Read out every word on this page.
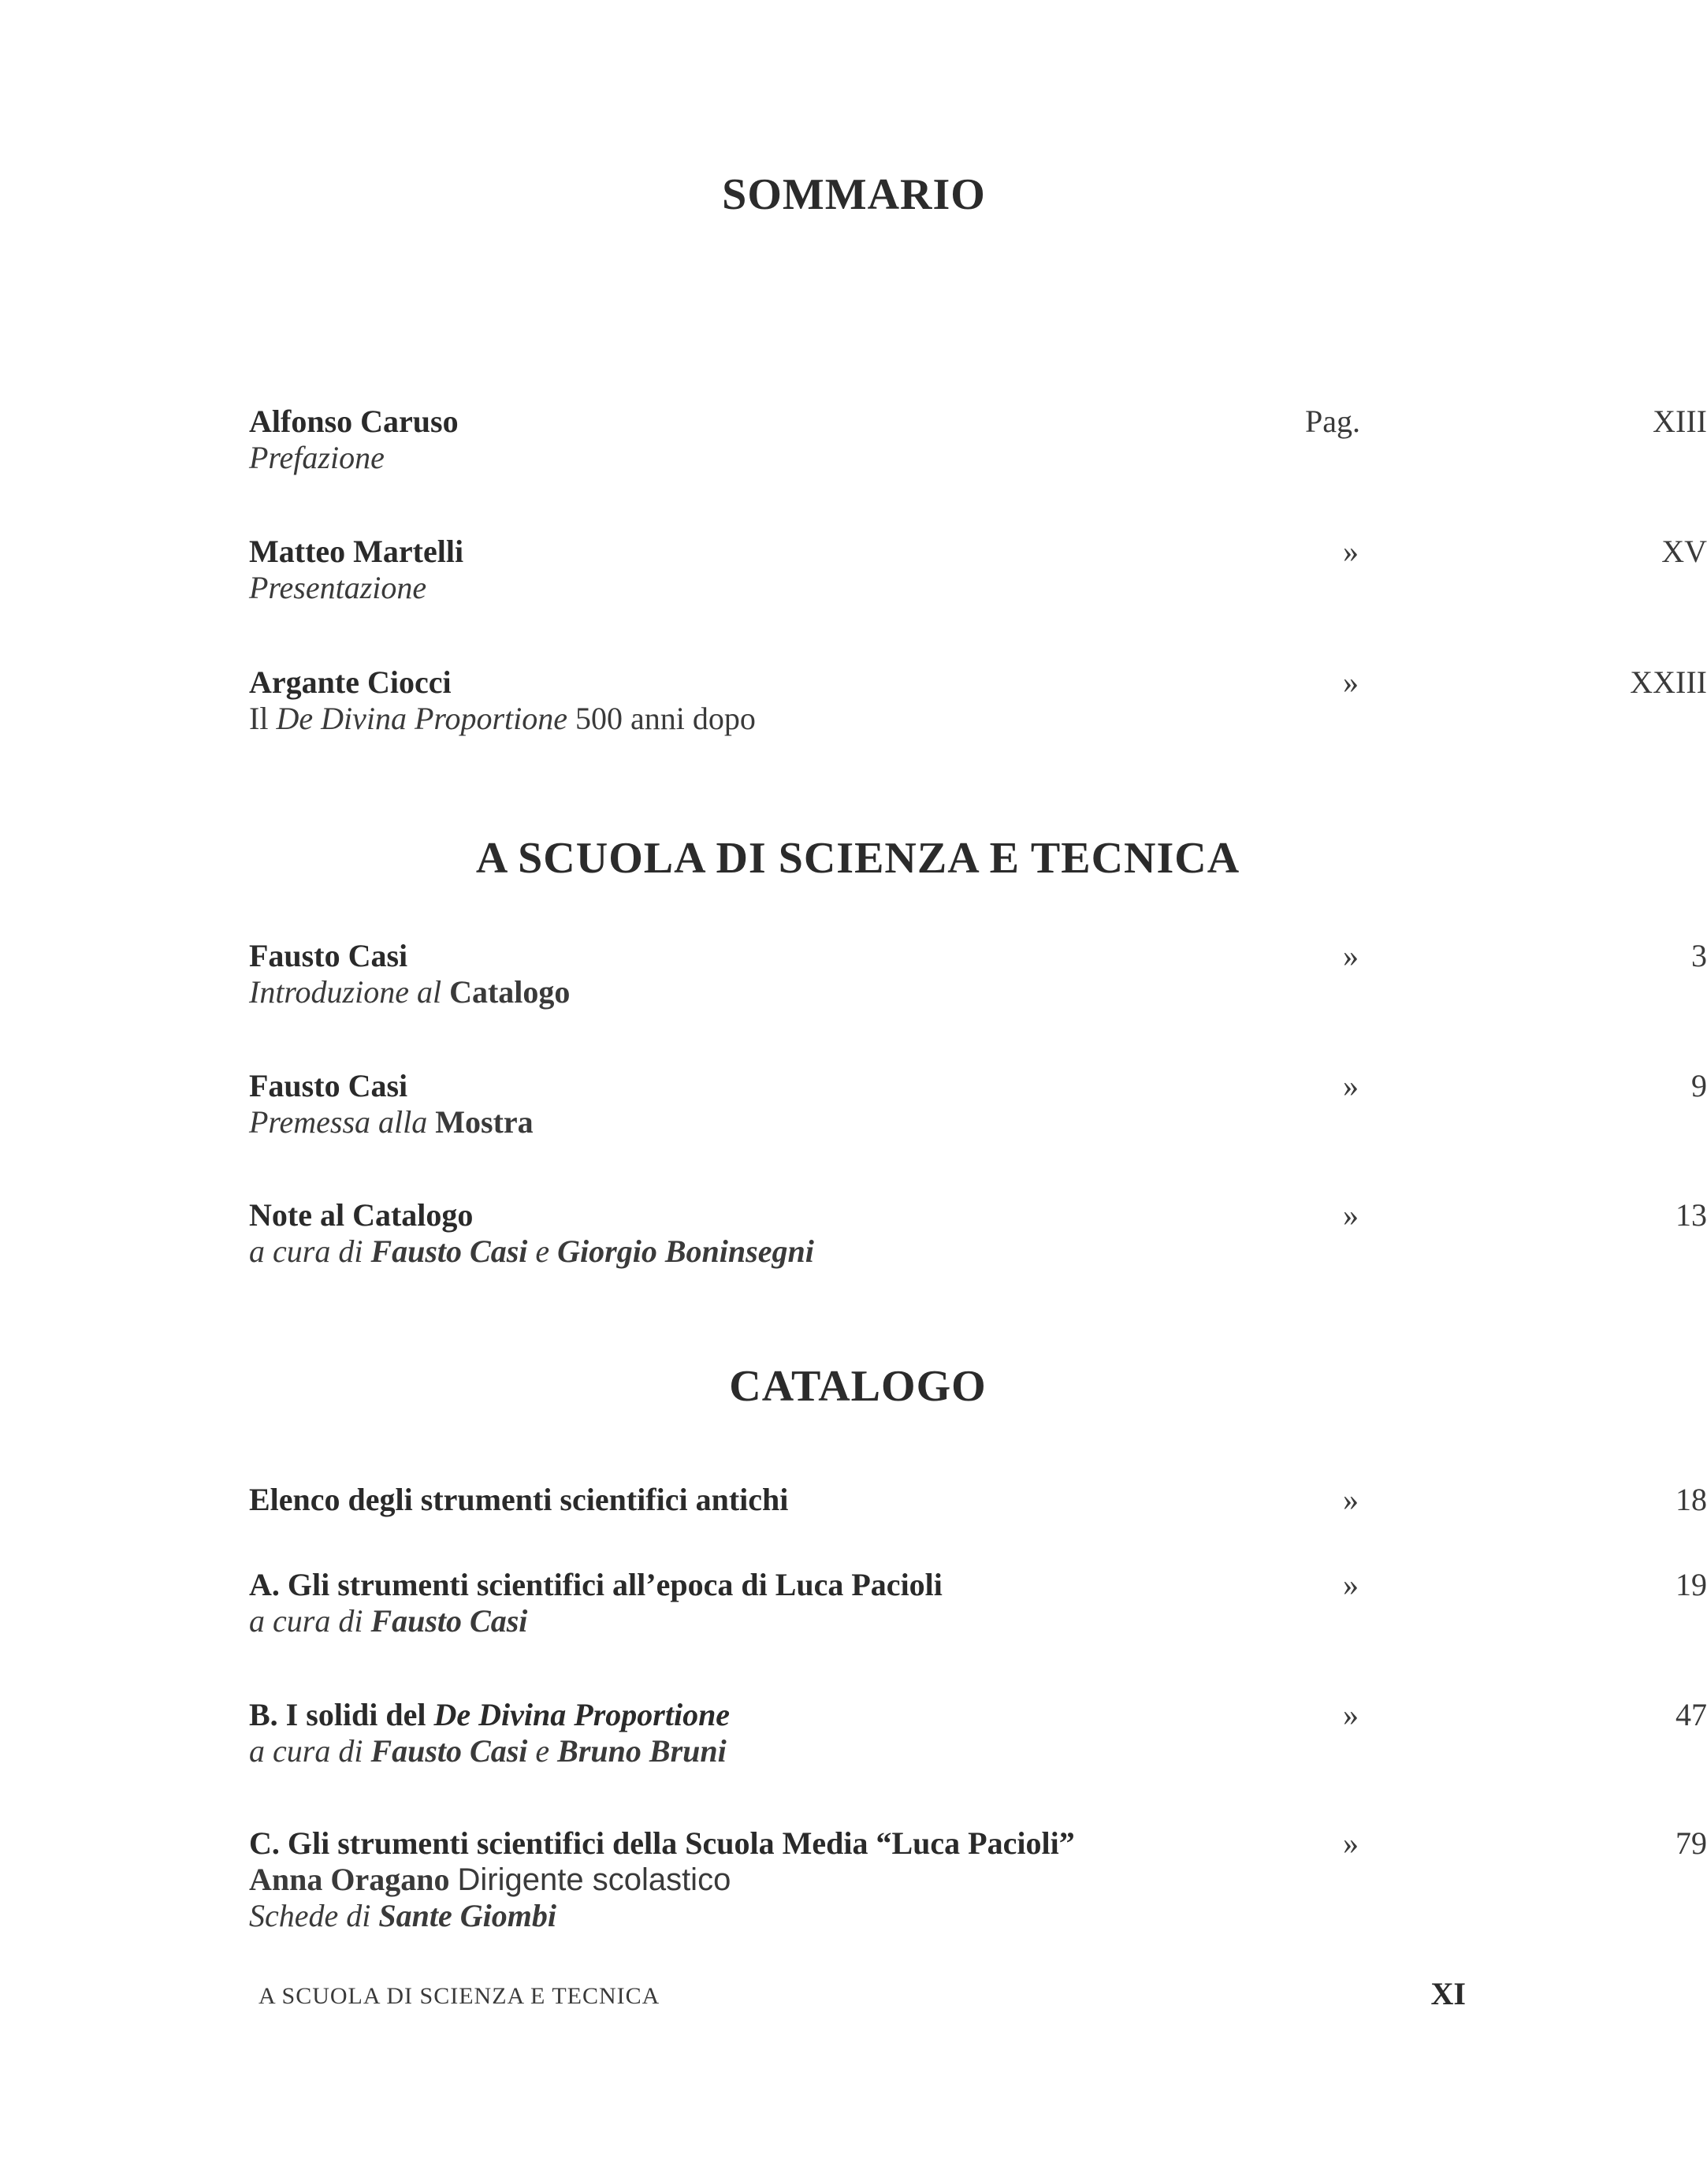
SOMMARIO
Alfonso Caruso
Prefazione
Pag.	XIII
Matteo Martelli
Presentazione
»	XV
Argante Ciocci
Il De Divina Proportione 500 anni dopo
»	XXIII
A SCUOLA DI SCIENZA E TECNICA
Fausto Casi
Introduzione al Catalogo
»	3
Fausto Casi
Premessa alla Mostra
»	9
Note al Catalogo
a cura di Fausto Casi e Giorgio Boninsegni
»	13
CATALOGO
Elenco degli strumenti scientifici antichi	»	18
A. Gli strumenti scientifici all’epoca di Luca Pacioli
a cura di Fausto Casi
»	19
B. I solidi del De Divina Proportione
a cura di Fausto Casi e Bruno Bruni
»	47
C. Gli strumenti scientifici della Scuola Media “Luca Pacioli”
Anna Oragano Dirigente scolastico
Schede di Sante Giombi
»	79
A SCUOLA DI SCIENZA E TECNICA	XI
